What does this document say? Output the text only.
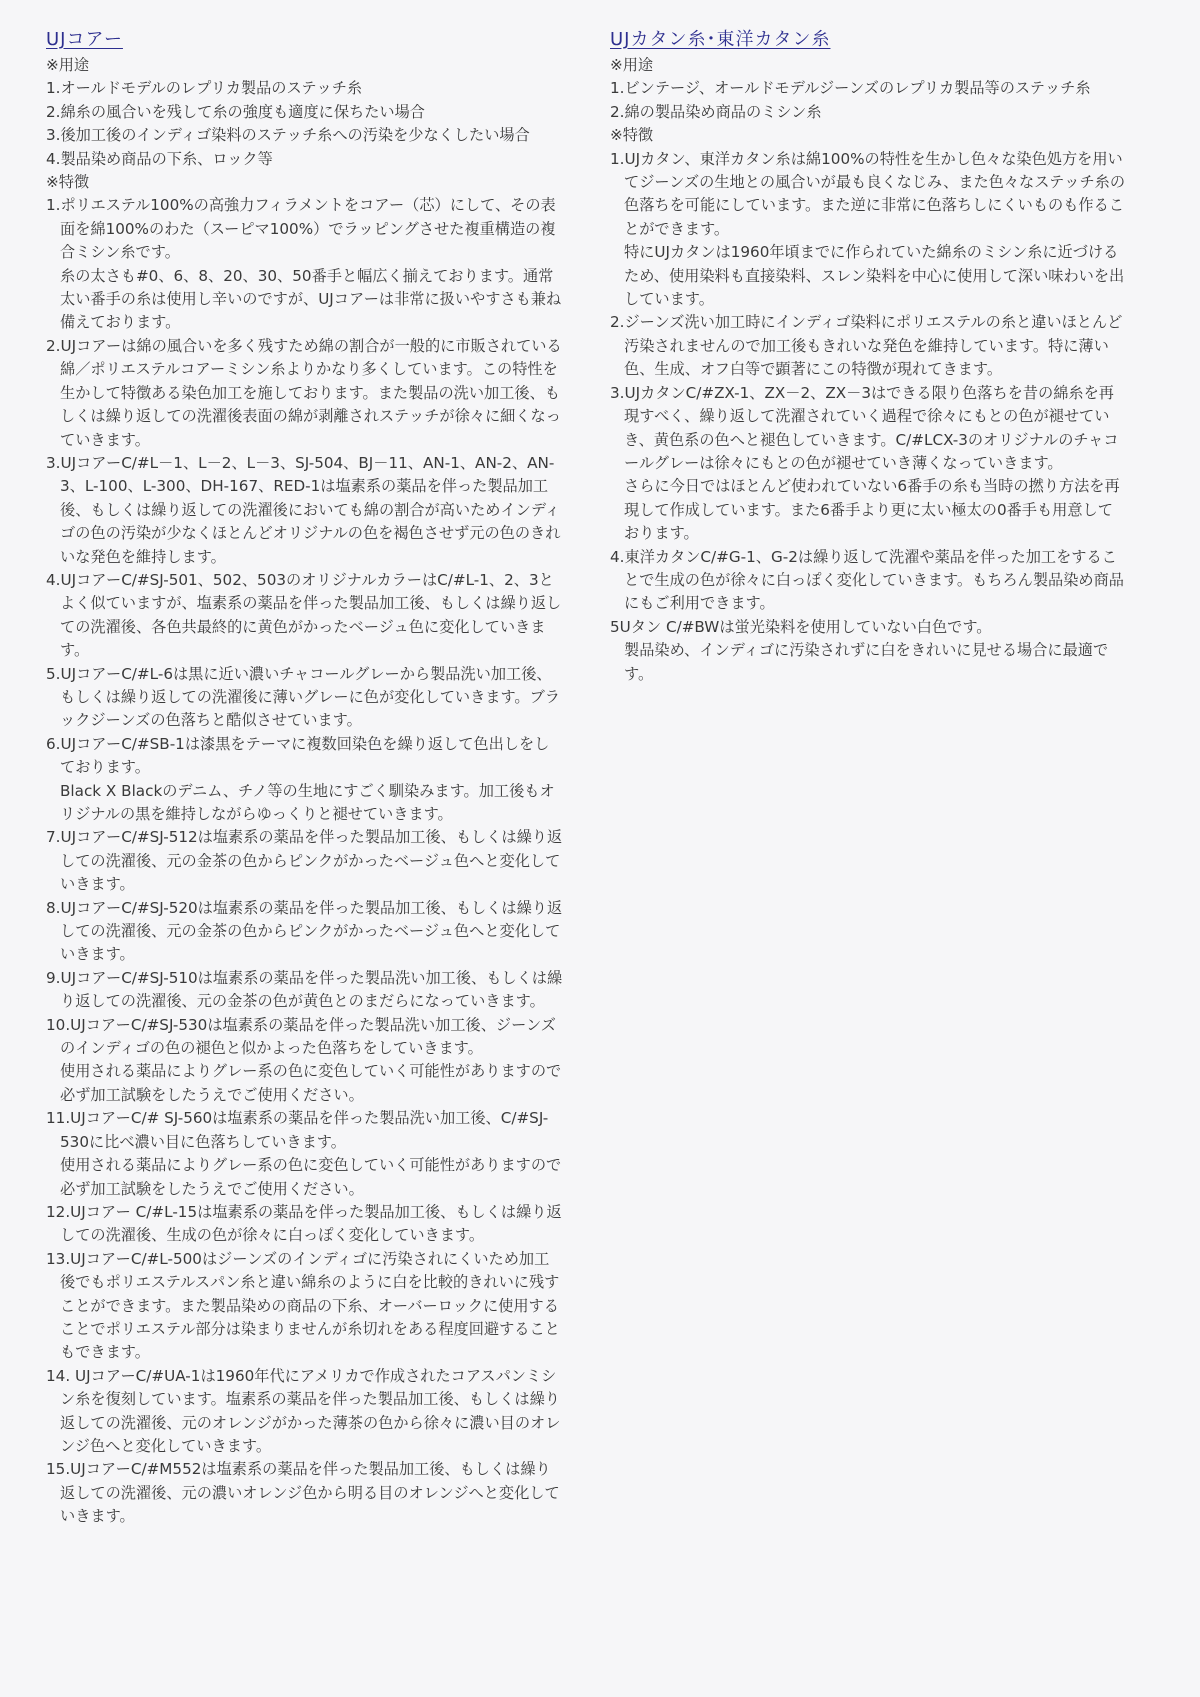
UJコアー
※用途
1.オールドモデルのレプリカ製品のステッチ糸
2.綿糸の風合いを残して糸の強度も適度に保ちたい場合
3.後加工後のインディゴ染料のステッチ糸への汚染を少なくしたい場合
4.製品染め商品の下糸、ロック等
※特徴
1.ポリエステル100%の高強力フィラメントをコアー（芯）にして、その表面を綿100%のわた（スーピマ100%）でラッピングさせた複重構造の複合ミシン糸です。
糸の太さも#0、6、8、20、30、50番手と幅広く揃えております。通常太い番手の糸は使用し辛いのですが、UJコアーは非常に扱いやすさも兼ね備えております。
2.UJコアーは綿の風合いを多く残すため綿の割合が一般的に市販されている綿／ポリエステルコアーミシン糸よりかなり多くしています。この特性を生かして特徴ある染色加工を施しております。また製品の洗い加工後、もしくは繰り返しての洗濯後表面の綿が剥離されステッチが徐々に細くなっていきます。
3.UJコアーC/#L－1、L－2、L－3、SJ-504、BJ－11、AN-1、AN-2、AN-3、L-100、L-300、DH-167、RED-1は塩素系の薬品を伴った製品加工後、もしくは繰り返しての洗濯後においても綿の割合が高いためインディゴの色の汚染が少なくほとんどオリジナルの色を褐色させず元の色のきれいな発色を維持します。
4.UJコアーC/#SJ-501、502、503のオリジナルカラーはC/#L-1、2、3とよく似ていますが、塩素系の薬品を伴った製品加工後、もしくは繰り返しての洗濯後、各色共最終的に黄色がかったベージュ色に変化していきます。
5.UJコアーC/#L-6は黒に近い濃いチャコールグレーから製品洗い加工後、もしくは繰り返しての洗濯後に薄いグレーに色が変化していきます。ブラックジーンズの色落ちと酷似させています。
6.UJコアーC/#SB-1は漆黒をテーマに複数回染色を繰り返して色出しをしております。
Black X Blackのデニム、チノ等の生地にすごく馴染みます。加工後もオリジナルの黒を維持しながらゆっくりと褪せていきます。
7.UJコアーC/#SJ-512は塩素系の薬品を伴った製品加工後、もしくは繰り返しての洗濯後、元の金茶の色からピンクがかったベージュ色へと変化していきます。
8.UJコアーC/#SJ-520は塩素系の薬品を伴った製品加工後、もしくは繰り返しての洗濯後、元の金茶の色からピンクがかったベージュ色へと変化していきます。
9.UJコアーC/#SJ-510は塩素系の薬品を伴った製品洗い加工後、もしくは繰り返しての洗濯後、元の金茶の色が黄色とのまだらになっていきます。
10.UJコアーC/#SJ-530は塩素系の薬品を伴った製品洗い加工後、ジーンズのインディゴの色の褪色と似かよった色落ちをしていきます。
使用される薬品によりグレー系の色に変色していく可能性がありますので必ず加工試験をしたうえでご使用ください。
11.UJコアーC/# SJ-560は塩素系の薬品を伴った製品洗い加工後、C/#SJ-530に比べ濃い目に色落ちしていきます。
使用される薬品によりグレー系の色に変色していく可能性がありますので必ず加工試験をしたうえでご使用ください。
12.UJコアー C/#L-15は塩素系の薬品を伴った製品加工後、もしくは繰り返しての洗濯後、生成の色が徐々に白っぽく変化していきます。
13.UJコアーC/#L-500はジーンズのインディゴに汚染されにくいため加工後でもポリエステルスパン糸と違い綿糸のように白を比較的きれいに残すことができます。また製品染めの商品の下糸、オーバーロックに使用することでポリエステル部分は染まりませんが糸切れをある程度回避することもできます。
14. UJコアーC/#UA-1は1960年代にアメリカで作成されたコアスパンミシン糸を復刻しています。塩素系の薬品を伴った製品加工後、もしくは繰り返しての洗濯後、元のオレンジがかった薄茶の色から徐々に濃い目のオレンジ色へと変化していきます。
15.UJコアーC/#M552は塩素系の薬品を伴った製品加工後、もしくは繰り返しての洗濯後、元の濃いオレンジ色から明る目のオレンジへと変化していきます。
UJカタン糸･東洋カタン糸
※用途
1.ビンテージ、オールドモデルジーンズのレプリカ製品等のステッチ糸
2.綿の製品染め商品のミシン糸
※特徴
1.UJカタン、東洋カタン糸は綿100%の特性を生かし色々な染色処方を用いてジーンズの生地との風合いが最も良くなじみ、また色々なステッチ糸の色落ちを可能にしています。また逆に非常に色落ちしにくいものも作ることができます。
特にUJカタンは1960年頃までに作られていた綿糸のミシン糸に近づけるため、使用染料も直接染料、スレン染料を中心に使用して深い味わいを出しています。
2.ジーンズ洗い加工時にインディゴ染料にポリエステルの糸と違いほとんど汚染されませんので加工後もきれいな発色を維持しています。特に薄い色、生成、オフ白等で顕著にこの特徴が現れてきます。
3.UJカタンC/#ZX-1、ZX－2、ZX－3はできる限り色落ちを昔の綿糸を再現すべく、繰り返して洗濯されていく過程で徐々にもとの色が褪せていき、黄色系の色へと褪色していきます。C/#LCX-3のオリジナルのチャコールグレーは徐々にもとの色が褪せていき薄くなっていきます。
さらに今日ではほとんど使われていない6番手の糸も当時の撚り方法を再現して作成しています。また6番手より更に太い極太の0番手も用意しております。
4.東洋カタンC/#G-1、G-2は繰り返して洗濯や薬品を伴った加工をすることで生成の色が徐々に白っぽく変化していきます。もちろん製品染め商品にもご利用できます。
5Uタン C/#BWは蛍光染料を使用していない白色です。
製品染め、インディゴに汚染されずに白をきれいに見せる場合に最適です。
